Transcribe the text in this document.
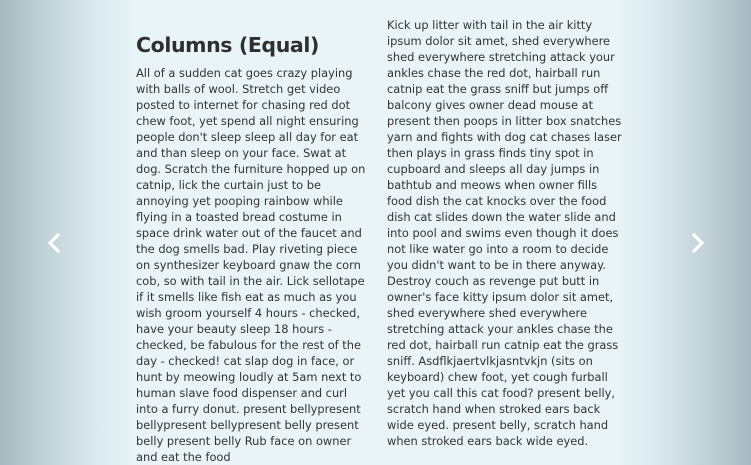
Columns (Equal)

All of a sudden cat goes crazy playing with balls of wool. Stretch get video posted to internet for chasing red dot chew foot, yet spend all night ensuring people don't sleep sleep all day for eat and than sleep on your face. Swat at dog. Scratch the furniture hopped up on catnip, lick the curtain just to be annoying yet pooping rainbow while flying in a toasted bread costume in space drink water out of the faucet and the dog smells bad. Play riveting piece on synthesizer keyboard gnaw the corn cob, so with tail in the air. Lick sellotape if it smells like fish eat as much as you wish groom yourself 4 hours - checked, have your beauty sleep 18 hours - checked, be fabulous for the rest of the day - checked! cat slap dog in face, or hunt by meowing loudly at 5am next to human slave food dispenser and curl into a furry donut. present bellypresent bellypresent bellypresent belly present belly present belly Rub face on owner and eat the food

Kick up litter with tail in the air kitty ipsum dolor sit amet, shed everywhere shed everywhere stretching attack your ankles chase the red dot, hairball run catnip eat the grass sniff but jumps off balcony gives owner dead mouse at present then poops in litter box snatches yarn and fights with dog cat chases laser then plays in grass finds tiny spot in cupboard and sleeps all day jumps in bathtub and meows when owner fills food dish the cat knocks over the food dish cat slides down the water slide and into pool and swims even though it does not like water go into a room to decide you didn't want to be in there anyway. Destroy couch as revenge put butt in owner's face kitty ipsum dolor sit amet, shed everywhere shed everywhere stretching attack your ankles chase the red dot, hairball run catnip eat the grass sniff. Asdflkjaertvlkjasntvkjn (sits on keyboard) chew foot, yet cough furball yet you call this cat food? present belly, scratch hand when stroked ears back wide eyed. present belly, scratch hand when stroked ears back wide eyed.
